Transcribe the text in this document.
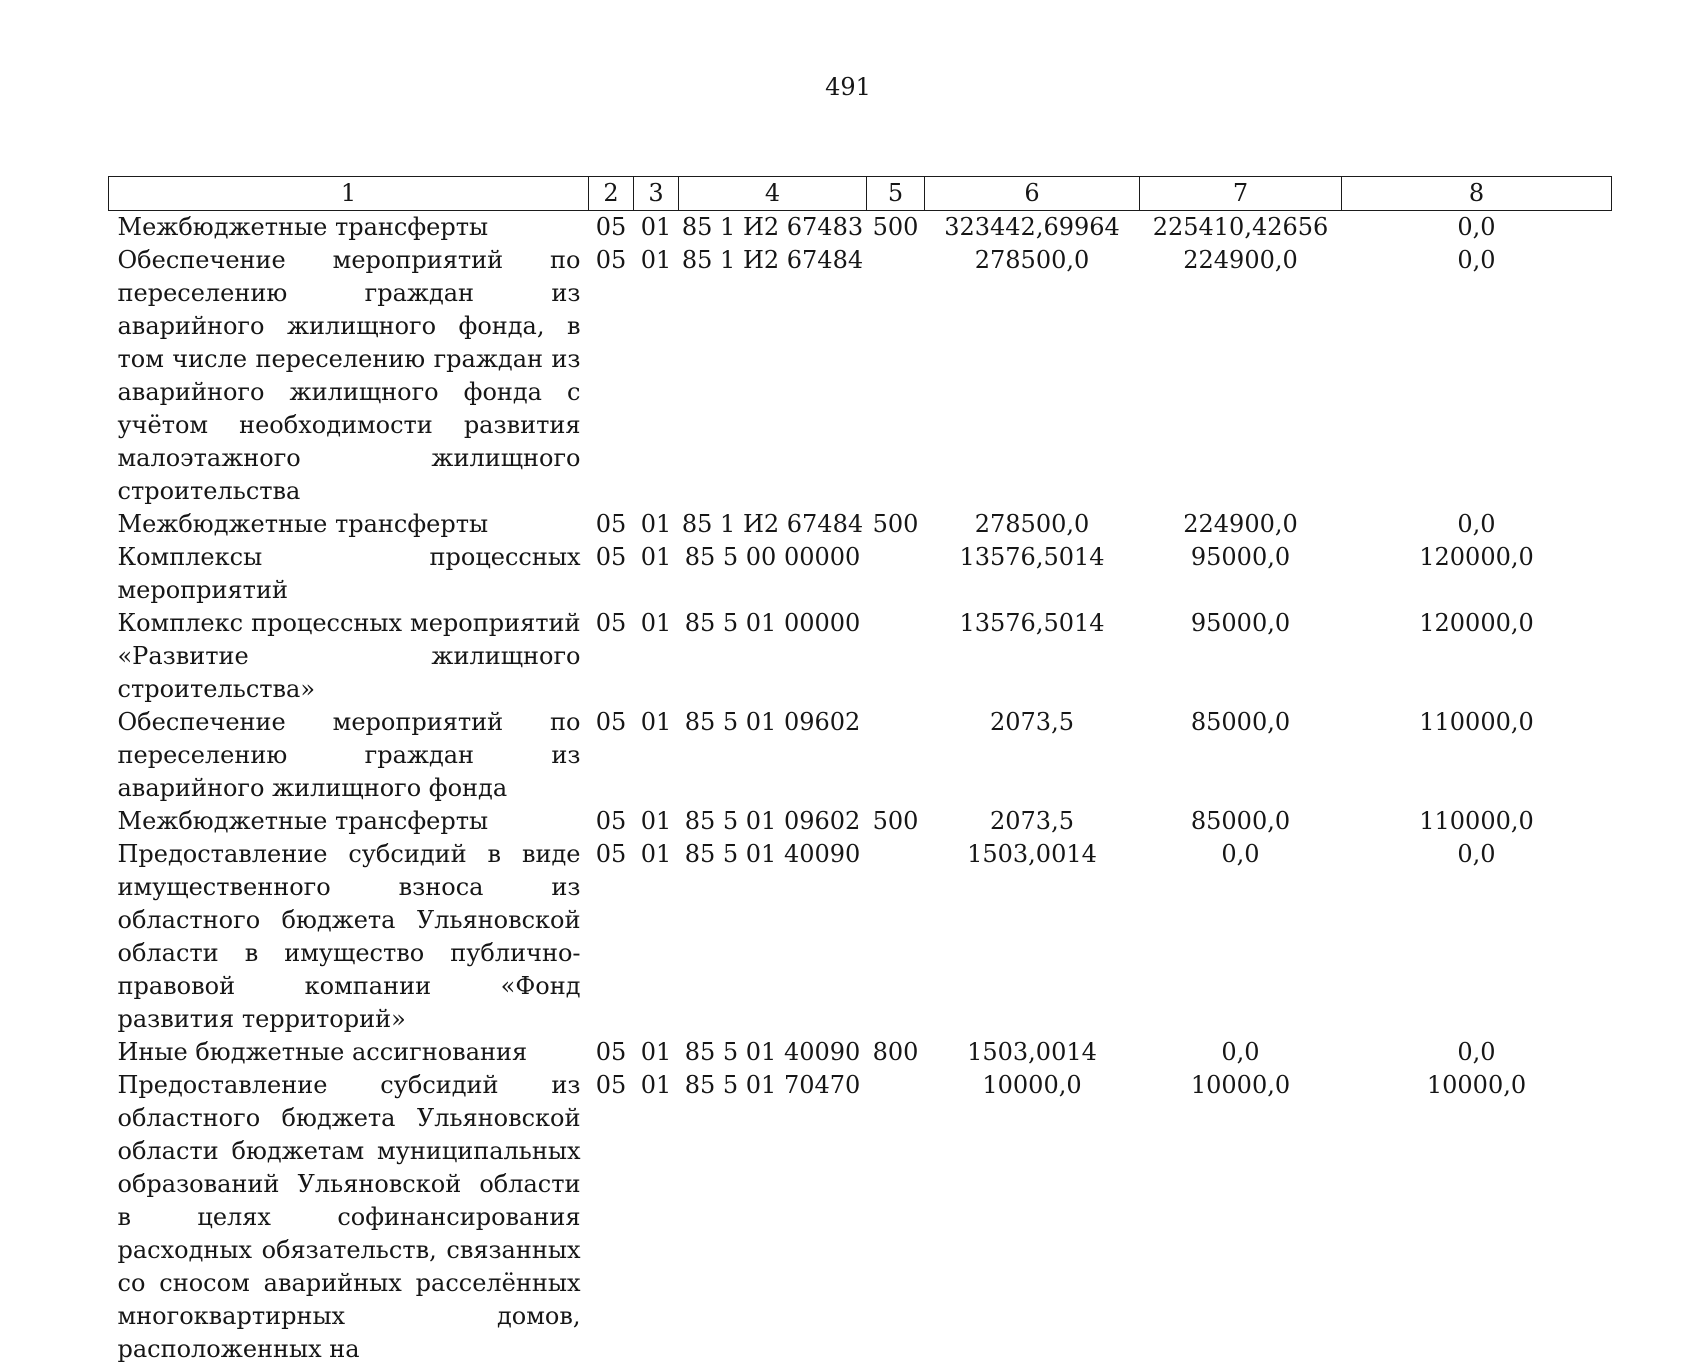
491
1	2	3	4	5	6	7	8
Межбюджетные трансферты	05	01	85 1 И2 67483	500	323442,69964	225410,42656	0,0
Обеспечение мероприятий по переселению граждан из аварийного жилищного фонда, в том числе переселению граждан из аварийного жилищного фонда с учётом необходимости развития малоэтажного жилищного строительства	05	01	85 1 И2 67484		278500,0	224900,0	0,0
Межбюджетные трансферты	05	01	85 1 И2 67484	500	278500,0	224900,0	0,0
Комплексы процессных мероприятий	05	01	85 5 00 00000		13576,5014	95000,0	120000,0
Комплекс процессных мероприятий «Развитие жилищного строительства»	05	01	85 5 01 00000		13576,5014	95000,0	120000,0
Обеспечение мероприятий по переселению граждан из аварийного жилищного фонда	05	01	85 5 01 09602		2073,5	85000,0	110000,0
Межбюджетные трансферты	05	01	85 5 01 09602	500	2073,5	85000,0	110000,0
Предоставление субсидий в виде имущественного взноса из областного бюджета Ульяновской области в имущество публично-правовой компании «Фонд развития территорий»	05	01	85 5 01 40090		1503,0014	0,0	0,0
Иные бюджетные ассигнования	05	01	85 5 01 40090	800	1503,0014	0,0	0,0
Предоставление субсидий из областного бюджета Ульяновской области бюджетам муниципальных образований Ульяновской области в целях софинансирования расходных обязательств, связанных со сносом аварийных расселённых многоквартирных домов, расположенных на	05	01	85 5 01 70470		10000,0	10000,0	10000,0
